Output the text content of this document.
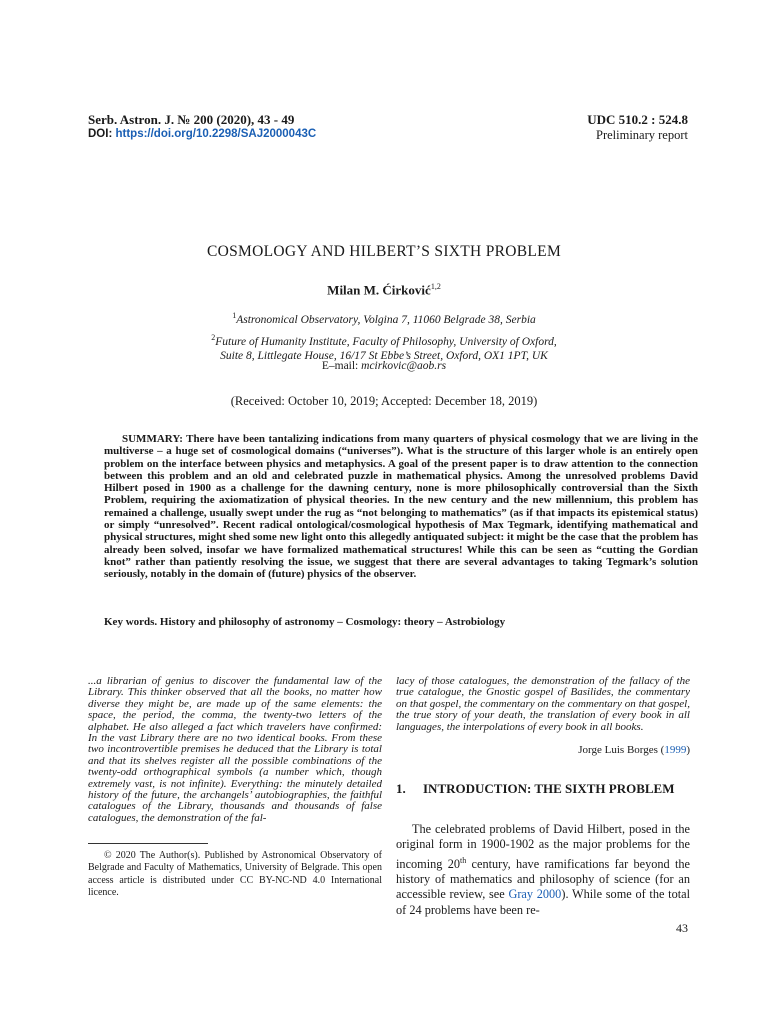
Serb. Astron. J. № 200 (2020), 43 - 49
DOI: https://doi.org/10.2298/SAJ2000043C
UDC 510.2 : 524.8
Preliminary report
COSMOLOGY AND HILBERT’S SIXTH PROBLEM
Milan M. Ćirković$^{1,2}$
$^1$Astronomical Observatory, Volgina 7, 11060 Belgrade 38, Serbia
$^2$Future of Humanity Institute, Faculty of Philosophy, University of Oxford,
Suite 8, Littlegate House, 16/17 St Ebbe’s Street, Oxford, OX1 1PT, UK
E–mail: mcirkovic@aob.rs
(Received: October 10, 2019; Accepted: December 18, 2019)
SUMMARY: There have been tantalizing indications from many quarters of physical cosmology that we are living in the multiverse – a huge set of cosmological domains (“universes”). What is the structure of this larger whole is an entirely open problem on the interface between physics and metaphysics. A goal of the present paper is to draw attention to the connection between this problem and an old and celebrated puzzle in mathematical physics. Among the unresolved problems David Hilbert posed in 1900 as a challenge for the dawning century, none is more philosophically controversial than the Sixth Problem, requiring the axiomatization of physical theories. In the new century and the new millennium, this problem has remained a challenge, usually swept under the rug as “not belonging to mathematics” (as if that impacts its epistemical status) or simply “unresolved”. Recent radical ontological/cosmological hypothesis of Max Tegmark, identifying mathematical and physical structures, might shed some new light onto this allegedly antiquated subject: it might be the case that the problem has already been solved, insofar we have formalized mathematical structures! While this can be seen as “cutting the Gordian knot” rather than patiently resolving the issue, we suggest that there are several advantages to taking Tegmark’s solution seriously, notably in the domain of (future) physics of the observer.
Key words. History and philosophy of astronomy – Cosmology: theory – Astrobiology
...a librarian of genius to discover the fundamental law of the Library. This thinker observed that all the books, no matter how diverse they might be, are made up of the same elements: the space, the period, the comma, the twenty-two letters of the alphabet. He also alleged a fact which travelers have confirmed: In the vast Library there are no two identical books. From these two incontrovertible premises he deduced that the Library is total and that its shelves register all the possible combinations of the twenty-odd orthographical symbols (a number which, though extremely vast, is not infinite). Everything: the minutely detailed history of the future, the archangels’ autobiographies, the faithful catalogues of the Library, thousands and thousands of false catalogues, the demonstration of the fal-
lacy of those catalogues, the demonstration of the fallacy of the true catalogue, the Gnostic gospel of Basilides, the commentary on that gospel, the commentary on the commentary on that gospel, the true story of your death, the translation of every book in all languages, the interpolations of every book in all books.
Jorge Luis Borges (1999)
1. INTRODUCTION: THE SIXTH PROBLEM
The celebrated problems of David Hilbert, posed in the original form in 1900-1902 as the major problems for the incoming 20th century, have ramifications far beyond the history of mathematics and philosophy of science (for an accessible review, see Gray 2000). While some of the total of 24 problems have been re-
© 2020 The Author(s). Published by Astronomical Observatory of Belgrade and Faculty of Mathematics, University of Belgrade. This open access article is distributed under CC BY-NC-ND 4.0 International licence.
43
